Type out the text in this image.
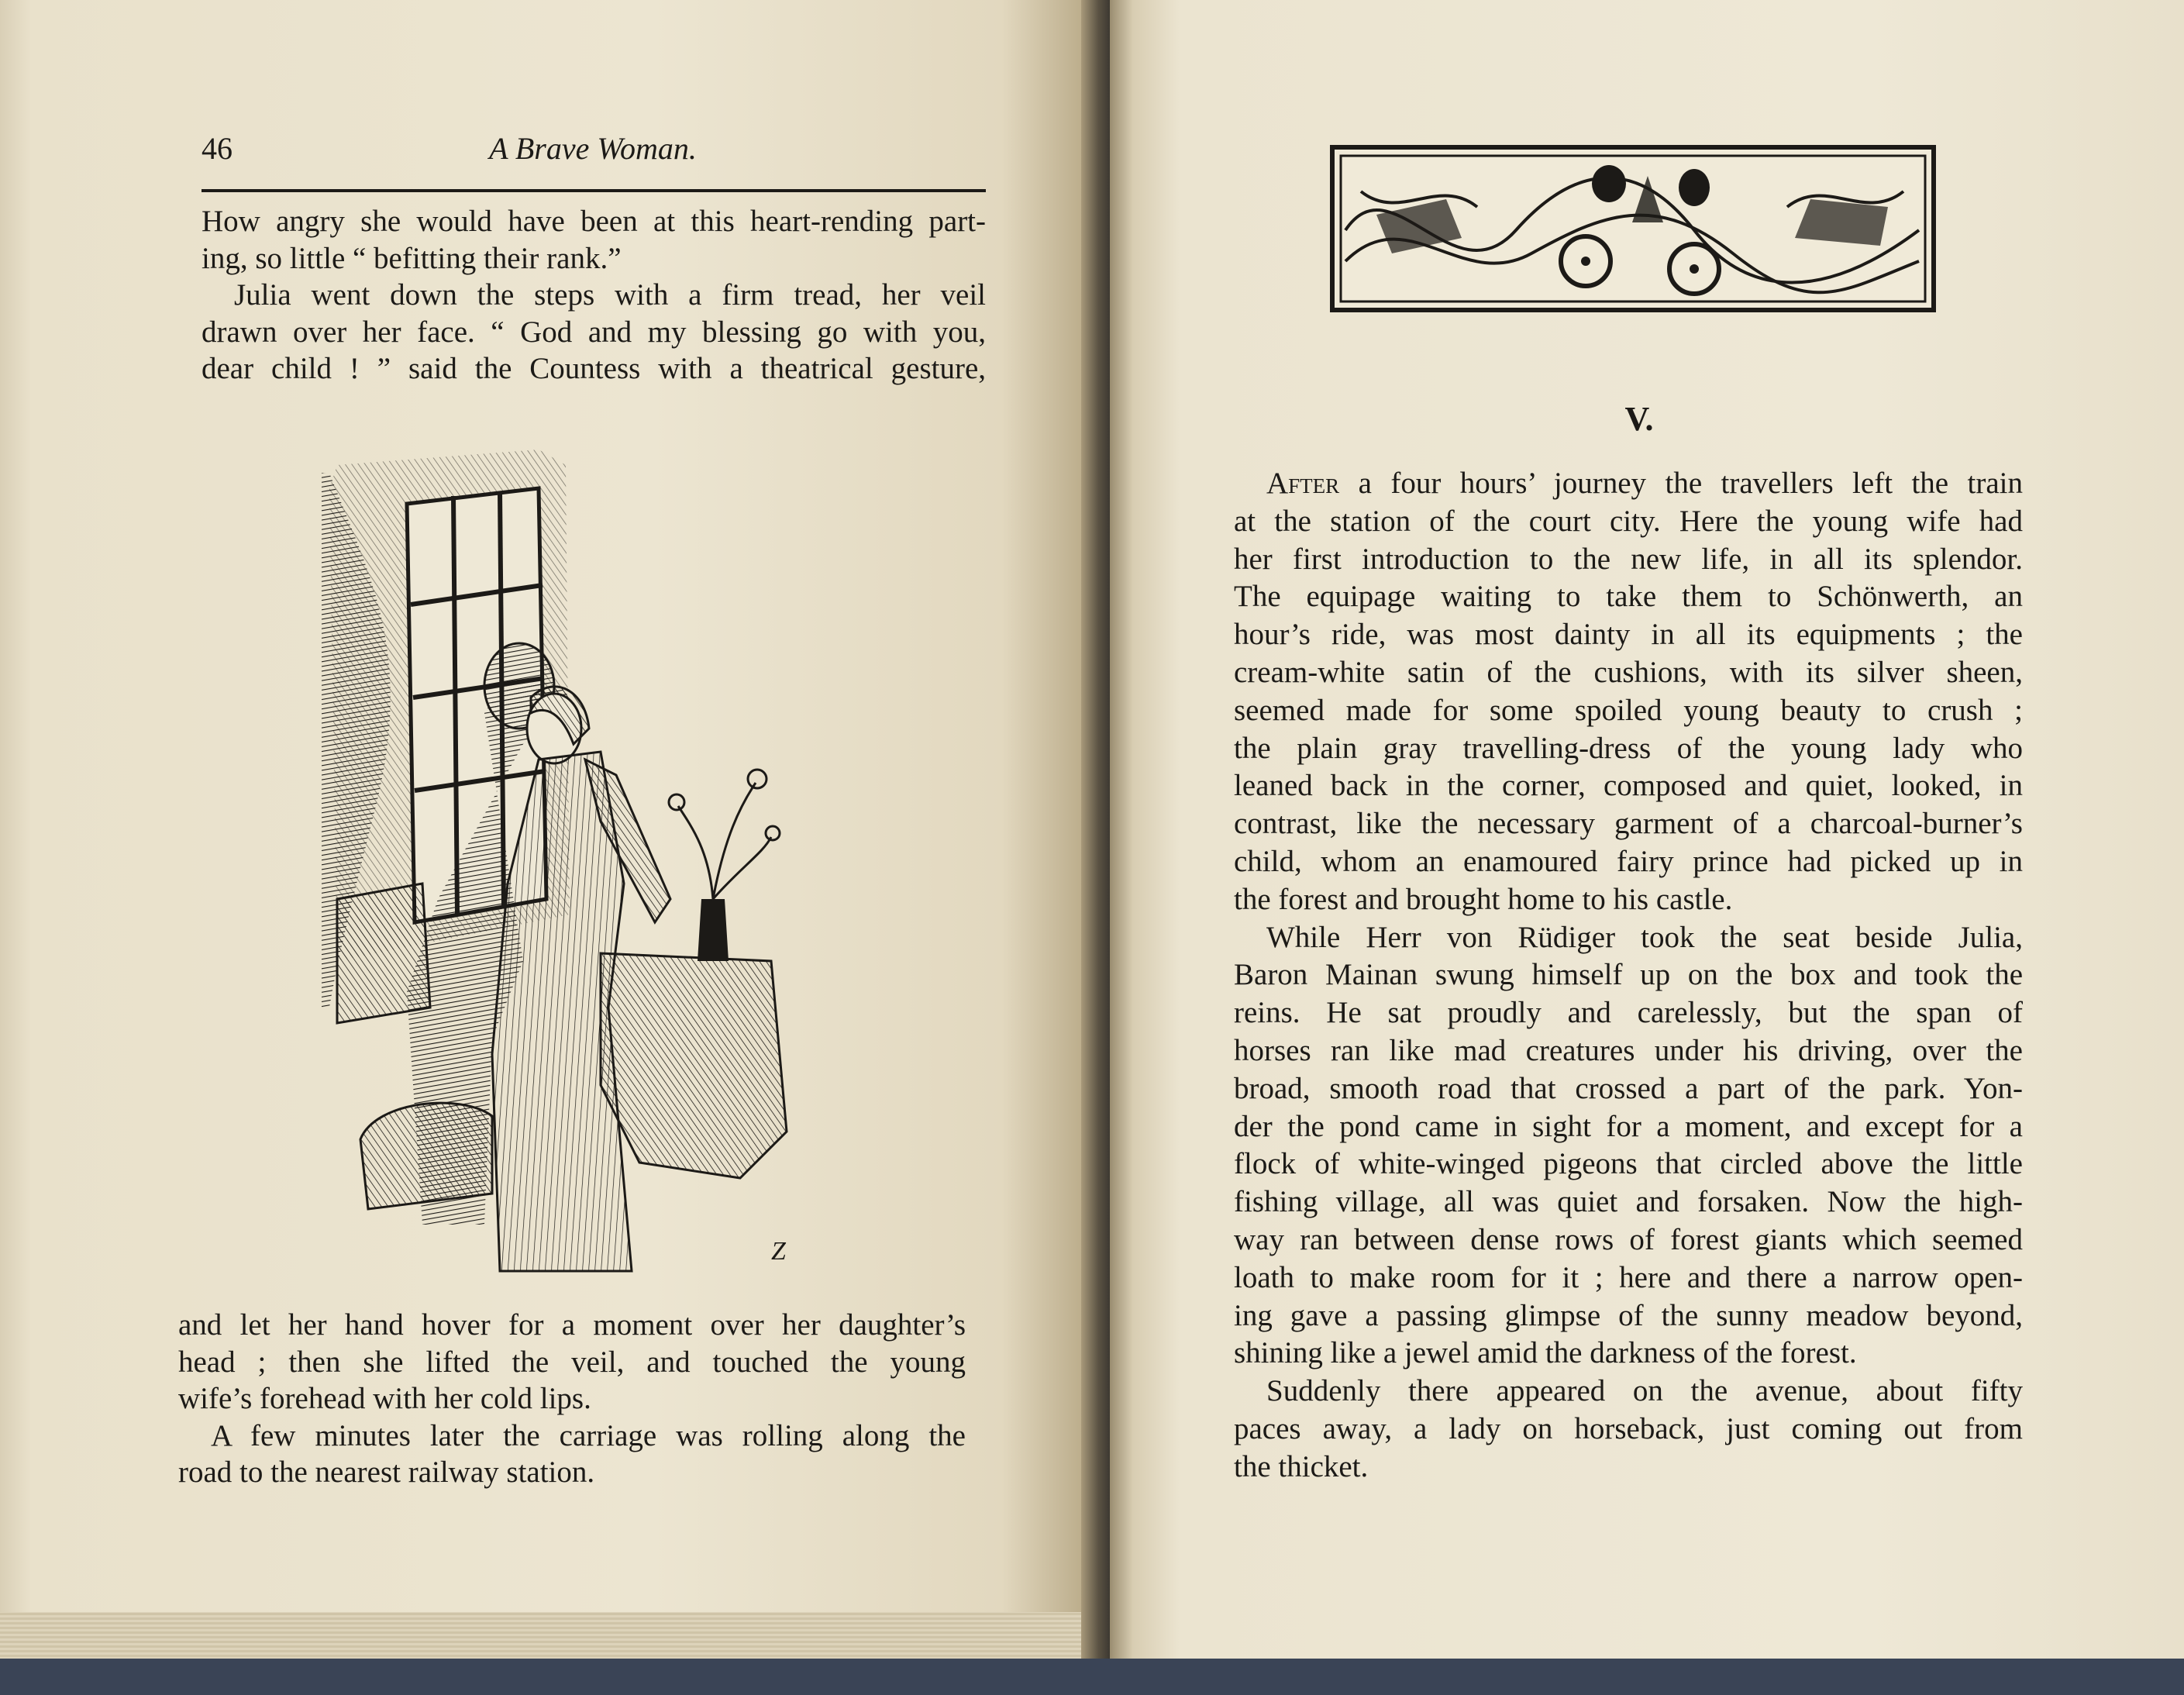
46	A Brave Woman.
How angry she would have been at this heart-rending part-
ing, so little “ befitting their rank.”
Julia went down the steps with a firm tread, her veil
drawn over her face. “ God and my blessing go with you,
dear child ! ” said the Countess with a theatrical gesture,
Z
and let her hand hover for a moment over her daughter’s
head ; then she lifted the veil, and touched the young
wife’s forehead with her cold lips.
A few minutes later the carriage was rolling along the
road to the nearest railway station.
V.
After a four hours’ journey the travellers left the train
at the station of the court city. Here the young wife had
her first introduction to the new life, in all its splendor.
The equipage waiting to take them to Schönwerth, an
hour’s ride, was most dainty in all its equipments ; the
cream-white satin of the cushions, with its silver sheen,
seemed made for some spoiled young beauty to crush ;
the plain gray travelling-dress of the young lady who
leaned back in the corner, composed and quiet, looked, in
contrast, like the necessary garment of a charcoal-burner’s
child, whom an enamoured fairy prince had picked up in
the forest and brought home to his castle.
While Herr von Rüdiger took the seat beside Julia,
Baron Mainan swung himself up on the box and took the
reins. He sat proudly and carelessly, but the span of
horses ran like mad creatures under his driving, over the
broad, smooth road that crossed a part of the park. Yon-
der the pond came in sight for a moment, and except for a
flock of white-winged pigeons that circled above the little
fishing village, all was quiet and forsaken. Now the high-
way ran between dense rows of forest giants which seemed
loath to make room for it ; here and there a narrow open-
ing gave a passing glimpse of the sunny meadow beyond,
shining like a jewel amid the darkness of the forest.
Suddenly there appeared on the avenue, about fifty
paces away, a lady on horseback, just coming out from
the thicket.
